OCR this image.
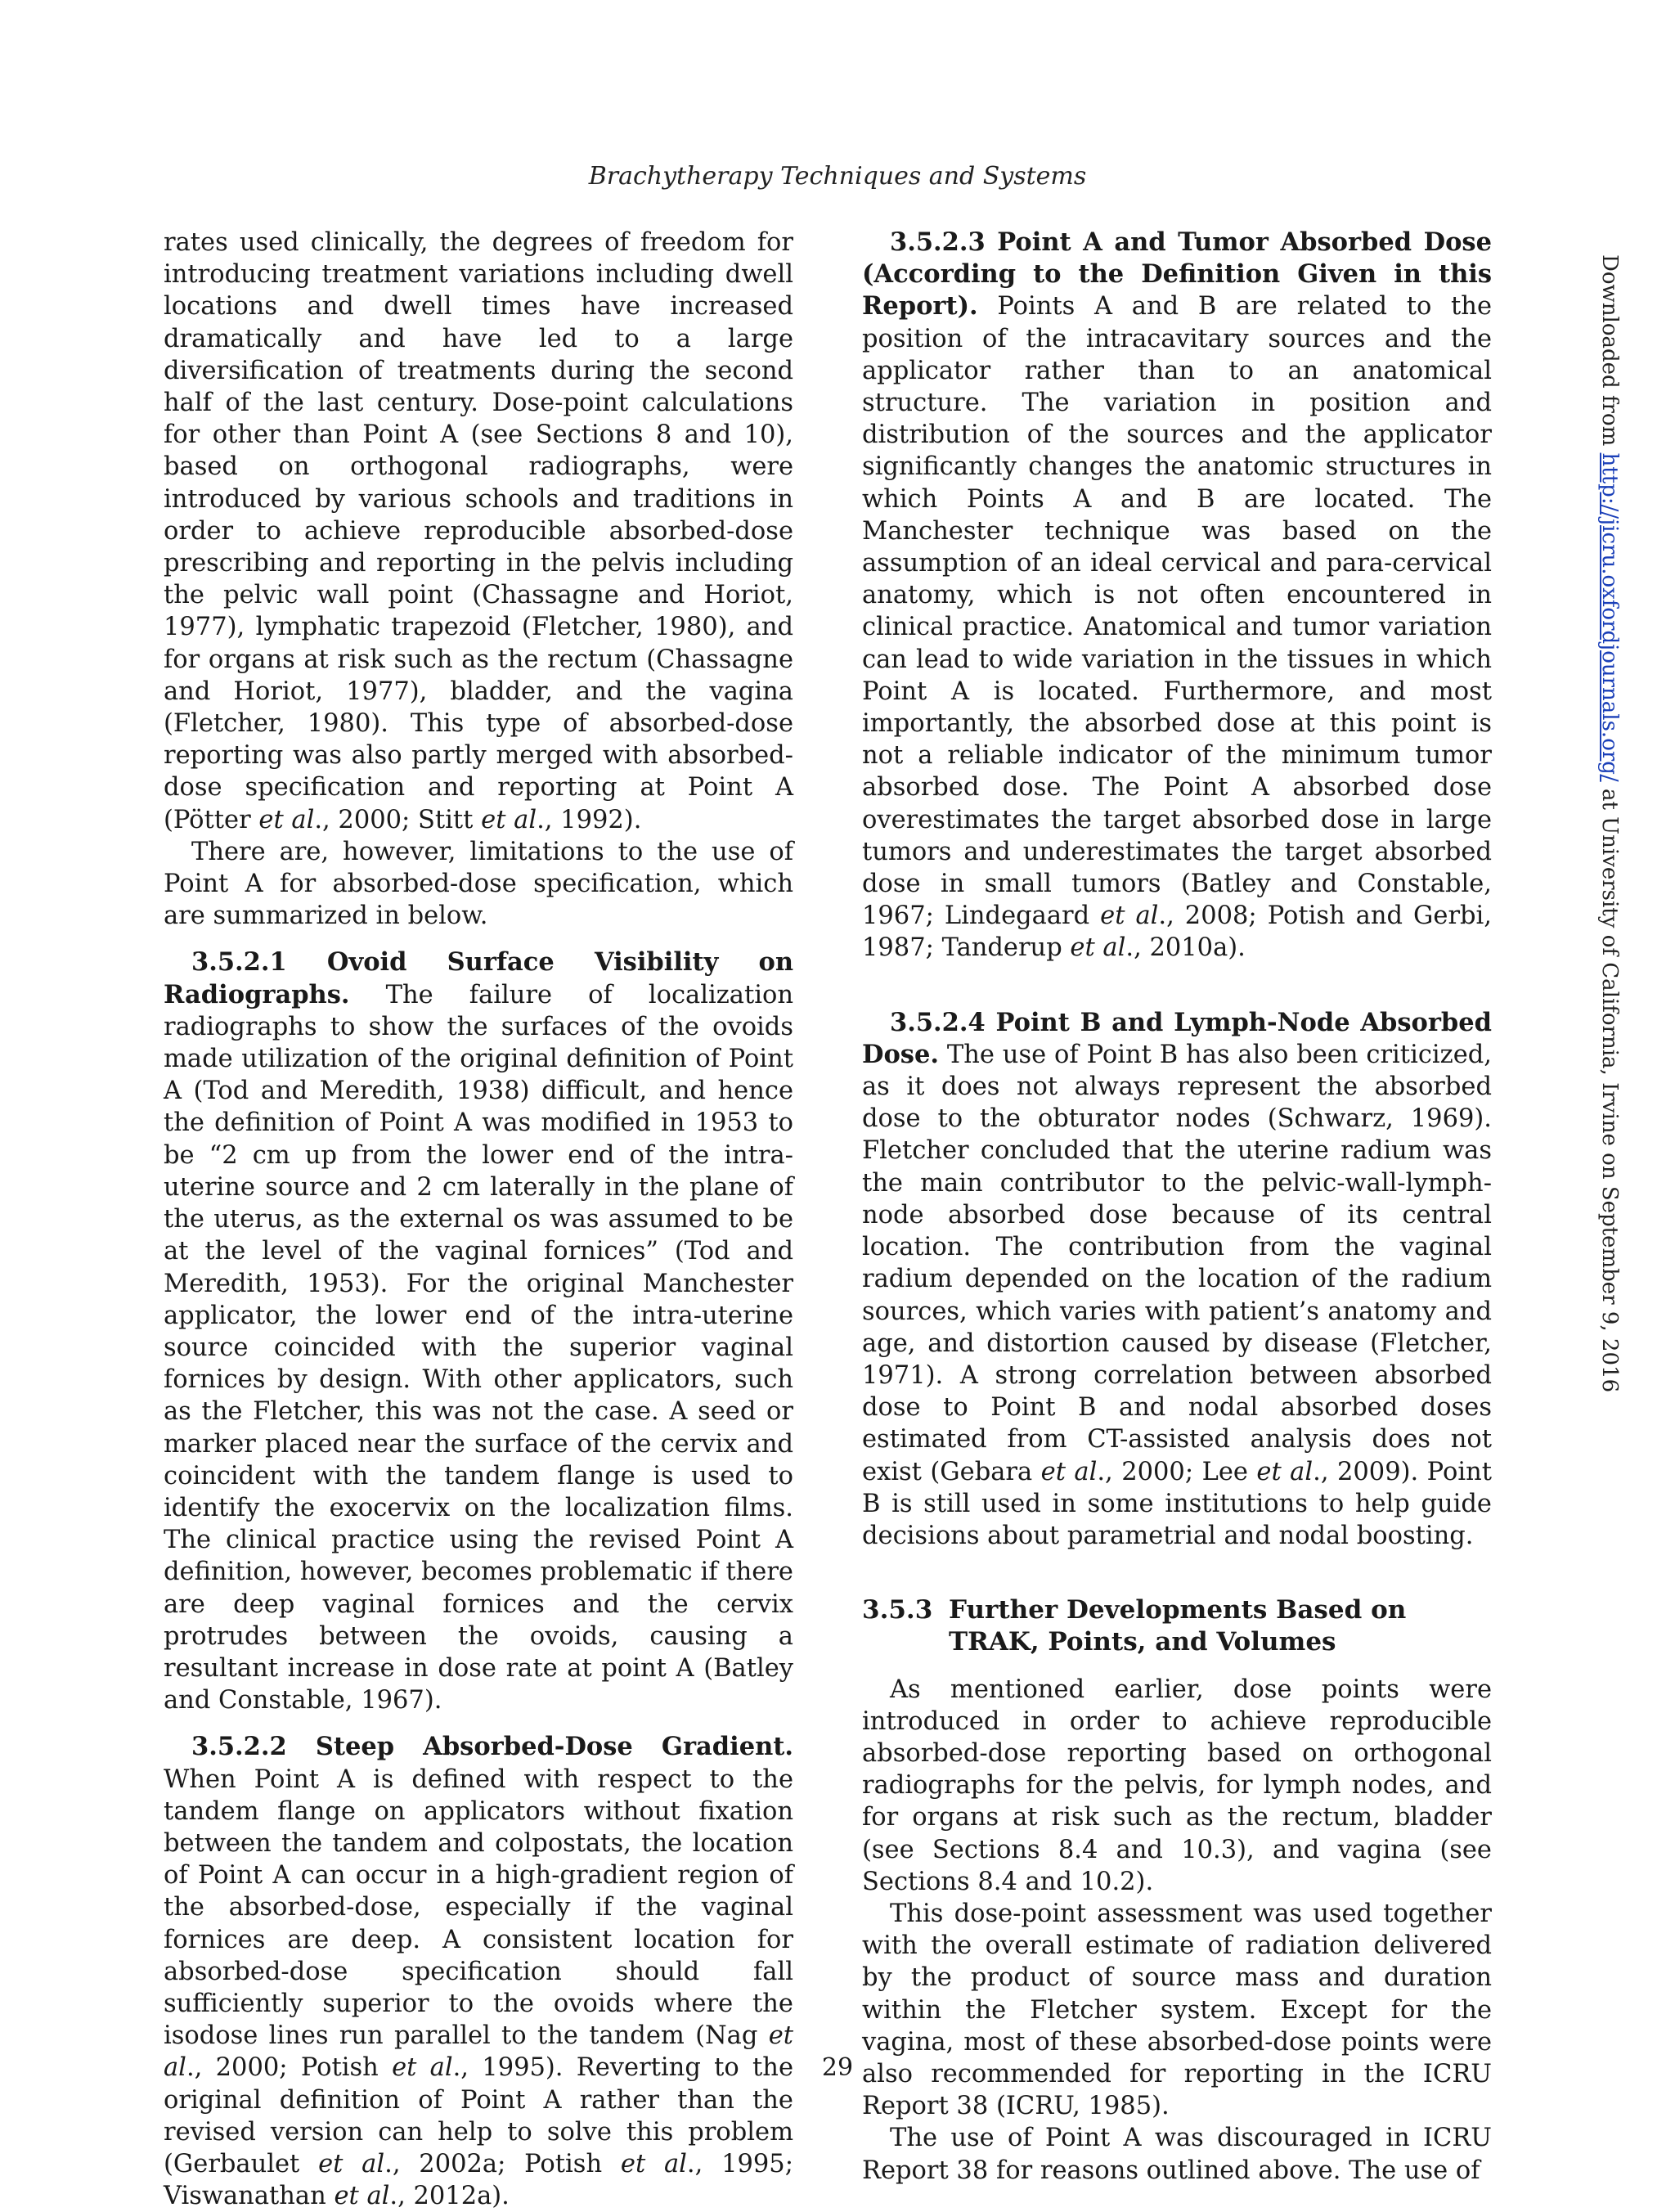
Brachytherapy Techniques and Systems

rates used clinically, the degrees of freedom for introducing treatment variations including dwell locations and dwell times have increased dramatically and have led to a large diversification of treatments during the second half of the last century. Dose-point calculations for other than Point A (see Sections 8 and 10), based on orthogonal radiographs, were introduced by various schools and traditions in order to achieve reproducible absorbed-dose prescribing and reporting in the pelvis including the pelvic wall point (Chassagne and Horiot, 1977), lymphatic trapezoid (Fletcher, 1980), and for organs at risk such as the rectum (Chassagne and Horiot, 1977), bladder, and the vagina (Fletcher, 1980). This type of absorbed-dose reporting was also partly merged with absorbed-dose specification and reporting at Point A (Pötter et al., 2000; Stitt et al., 1992).

There are, however, limitations to the use of Point A for absorbed-dose specification, which are summarized in below.

3.5.2.1 Ovoid Surface Visibility on Radiographs. The failure of localization radiographs to show the surfaces of the ovoids made utilization of the original definition of Point A (Tod and Meredith, 1938) difficult, and hence the definition of Point A was modified in 1953 to be “2 cm up from the lower end of the intra-uterine source and 2 cm laterally in the plane of the uterus, as the external os was assumed to be at the level of the vaginal fornices” (Tod and Meredith, 1953). For the original Manchester applicator, the lower end of the intra-uterine source coincided with the superior vaginal fornices by design. With other applicators, such as the Fletcher, this was not the case. A seed or marker placed near the surface of the cervix and coincident with the tandem flange is used to identify the exocervix on the localization films. The clinical practice using the revised Point A definition, however, becomes problematic if there are deep vaginal fornices and the cervix protrudes between the ovoids, causing a resultant increase in dose rate at point A (Batley and Constable, 1967).

3.5.2.2 Steep Absorbed-Dose Gradient. When Point A is defined with respect to the tandem flange on applicators without fixation between the tandem and colpostats, the location of Point A can occur in a high-gradient region of the absorbed-dose, especially if the vaginal fornices are deep. A consistent location for absorbed-dose specification should fall sufficiently superior to the ovoids where the isodose lines run parallel to the tandem (Nag et al., 2000; Potish et al., 1995). Reverting to the original definition of Point A rather than the revised version can help to solve this problem (Gerbaulet et al., 2002a; Potish et al., 1995; Viswanathan et al., 2012a).

3.5.2.3 Point A and Tumor Absorbed Dose (According to the Definition Given in this Report). Points A and B are related to the position of the intracavitary sources and the applicator rather than to an anatomical structure. The variation in position and distribution of the sources and the applicator significantly changes the anatomic structures in which Points A and B are located. The Manchester technique was based on the assumption of an ideal cervical and para-cervical anatomy, which is not often encountered in clinical practice. Anatomical and tumor variation can lead to wide variation in the tissues in which Point A is located. Furthermore, and most importantly, the absorbed dose at this point is not a reliable indicator of the minimum tumor absorbed dose. The Point A absorbed dose overestimates the target absorbed dose in large tumors and underestimates the target absorbed dose in small tumors (Batley and Constable, 1967; Lindegaard et al., 2008; Potish and Gerbi, 1987; Tanderup et al., 2010a).

3.5.2.4 Point B and Lymph-Node Absorbed Dose. The use of Point B has also been criticized, as it does not always represent the absorbed dose to the obturator nodes (Schwarz, 1969). Fletcher concluded that the uterine radium was the main contributor to the pelvic-wall-lymph-node absorbed dose because of its central location. The contribution from the vaginal radium depended on the location of the radium sources, which varies with patient’s anatomy and age, and distortion caused by disease (Fletcher, 1971). A strong correlation between absorbed dose to Point B and nodal absorbed doses estimated from CT-assisted analysis does not exist (Gebara et al., 2000; Lee et al., 2009). Point B is still used in some institutions to help guide decisions about parametrial and nodal boosting.

3.5.3 Further Developments Based on TRAK, Points, and Volumes

As mentioned earlier, dose points were introduced in order to achieve reproducible absorbed-dose reporting based on orthogonal radiographs for the pelvis, for lymph nodes, and for organs at risk such as the rectum, bladder (see Sections 8.4 and 10.3), and vagina (see Sections 8.4 and 10.2).

This dose-point assessment was used together with the overall estimate of radiation delivered by the product of source mass and duration within the Fletcher system. Except for the vagina, most of these absorbed-dose points were also recommended for reporting in the ICRU Report 38 (ICRU, 1985).

The use of Point A was discouraged in ICRU Report 38 for reasons outlined above. The use of

Downloaded from http://jicru.oxfordjournals.org/ at University of California, Irvine on September 9, 2016
29
